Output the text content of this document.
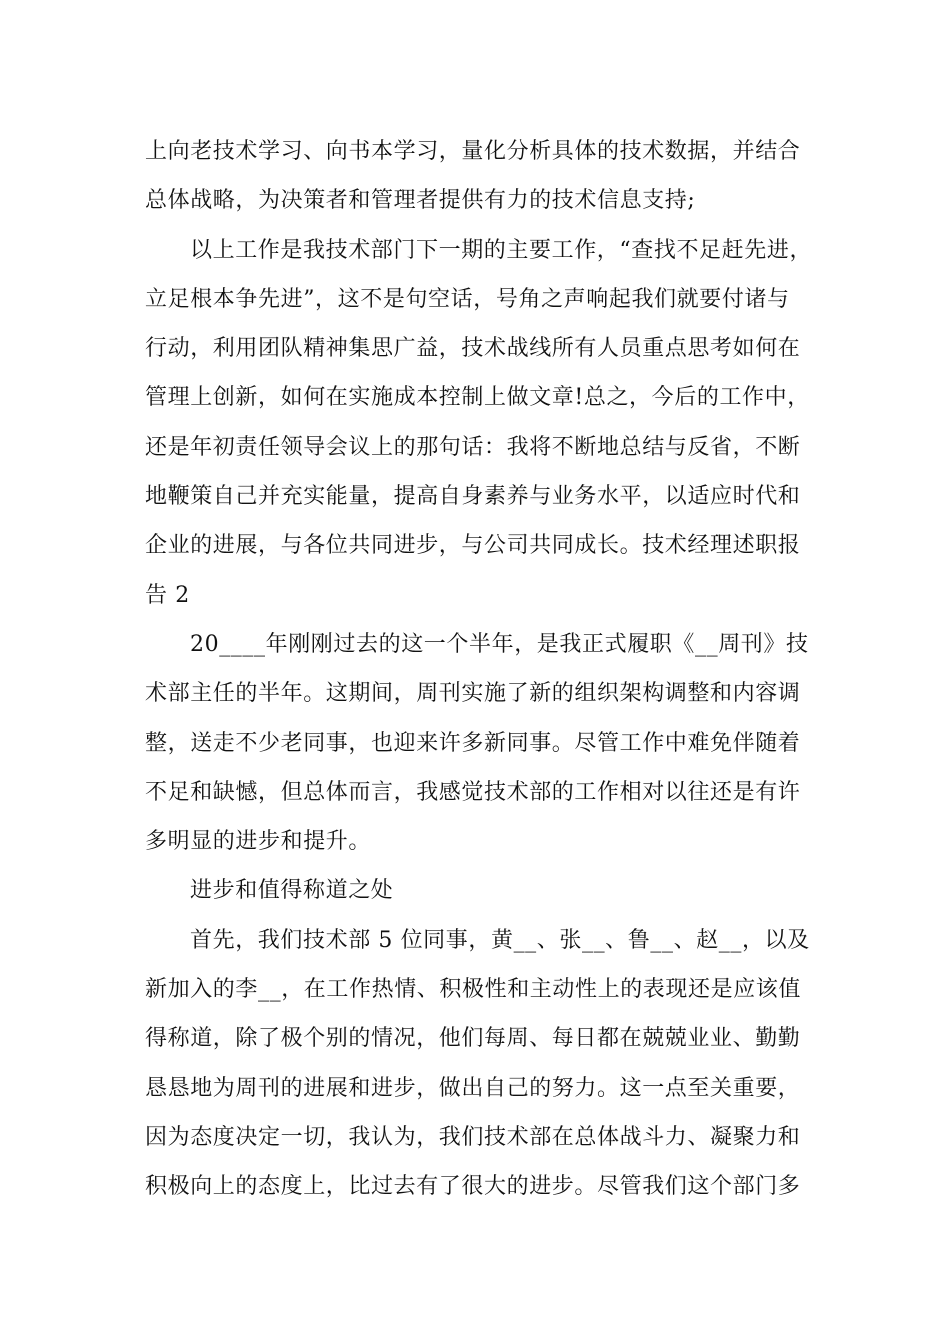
上向老技术学习、向书本学习，量化分析具体的技术数据，并结合
总体战略，为决策者和管理者提供有力的技术信息支持;
以上工作是我技术部门下一期的主要工作，“查找不足赶先进，
立足根本争先进”，这不是句空话，号角之声响起我们就要付诸与
行动，利用团队精神集思广益，技术战线所有人员重点思考如何在
管理上创新，如何在实施成本控制上做文章!总之，今后的工作中，
还是年初责任领导会议上的那句话：我将不断地总结与反省，不断
地鞭策自己并充实能量，提高自身素养与业务水平，以适应时代和
企业的进展，与各位共同进步，与公司共同成长。技术经理述职报
告 2
20____年刚刚过去的这一个半年，是我正式履职《__周刊》技
术部主任的半年。这期间，周刊实施了新的组织架构调整和内容调
整，送走不少老同事，也迎来许多新同事。尽管工作中难免伴随着
不足和缺憾，但总体而言，我感觉技术部的工作相对以往还是有许
多明显的进步和提升。
进步和值得称道之处
首先，我们技术部 5 位同事，黄__、张__、鲁__、赵__，以及
新加入的李__，在工作热情、积极性和主动性上的表现还是应该值
得称道，除了极个别的情况，他们每周、每日都在兢兢业业、勤勤
恳恳地为周刊的进展和进步，做出自己的努力。这一点至关重要，
因为态度决定一切，我认为，我们技术部在总体战斗力、凝聚力和
积极向上的态度上，比过去有了很大的进步。尽管我们这个部门多
